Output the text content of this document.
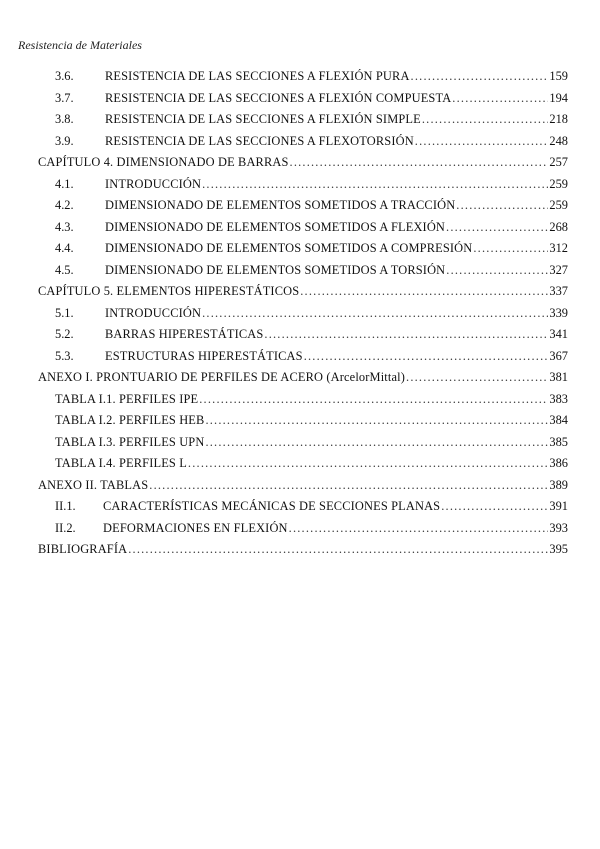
Resistencia de Materiales
3.6.	RESISTENCIA DE LAS SECCIONES A FLEXIÓN PURA .....	159
3.7.	RESISTENCIA DE LAS SECCIONES A FLEXIÓN COMPUESTA .....	194
3.8.	RESISTENCIA DE LAS SECCIONES A FLEXIÓN SIMPLE .....	218
3.9.	RESISTENCIA DE LAS SECCIONES A FLEXOTORSIÓN .....	248
CAPÍTULO 4. DIMENSIONADO DE BARRAS .....	257
4.1.	INTRODUCCIÓN .....	259
4.2.	DIMENSIONADO DE ELEMENTOS SOMETIDOS A TRACCIÓN .....	259
4.3.	DIMENSIONADO DE ELEMENTOS SOMETIDOS A FLEXIÓN .....	268
4.4.	DIMENSIONADO DE ELEMENTOS SOMETIDOS A COMPRESIÓN .....	312
4.5.	DIMENSIONADO DE ELEMENTOS SOMETIDOS A TORSIÓN .....	327
CAPÍTULO 5. ELEMENTOS HIPERESTÁTICOS .....	337
5.1.	INTRODUCCIÓN .....	339
5.2.	BARRAS HIPERESTÁTICAS .....	341
5.3.	ESTRUCTURAS HIPERESTÁTICAS .....	367
ANEXO I. PRONTUARIO DE PERFILES DE ACERO (ArcelorMittal) .....	381
TABLA I.1. PERFILES IPE .....	383
TABLA I.2. PERFILES HEB .....	384
TABLA I.3. PERFILES UPN .....	385
TABLA I.4. PERFILES L .....	386
ANEXO II. TABLAS .....	389
II.1. CARACTERÍSTICAS MECÁNICAS DE SECCIONES PLANAS .....	391
II.2. DEFORMACIONES EN FLEXIÓN .....	393
BIBLIOGRAFÍA .....	395
